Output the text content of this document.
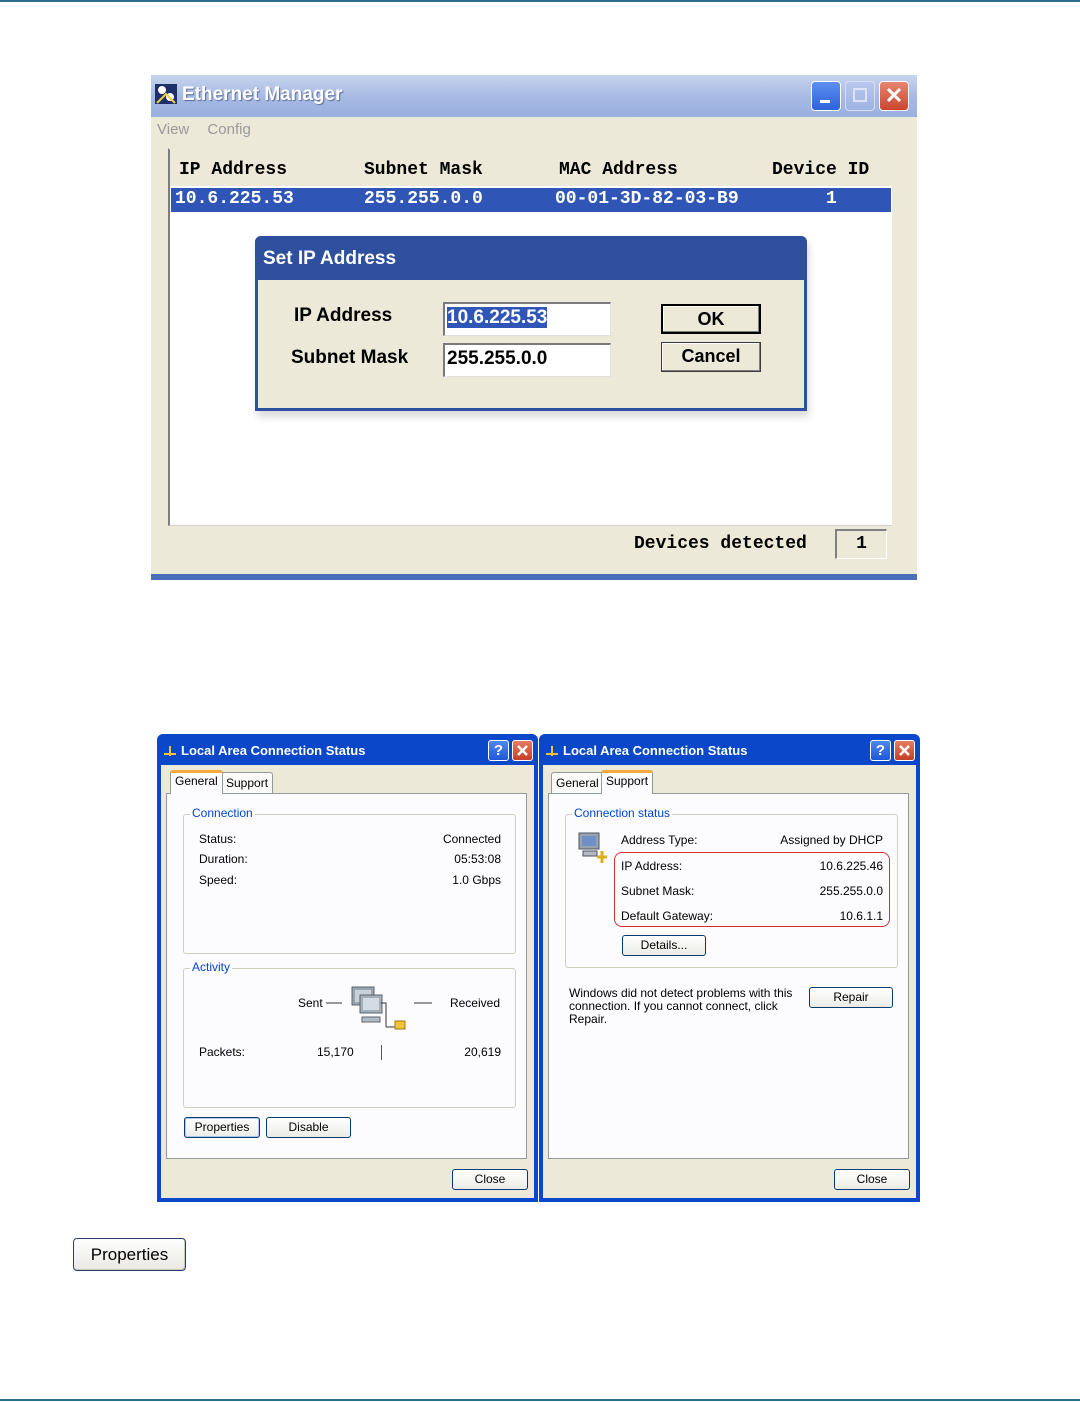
Ethernet Manager
View Config
IP Address	Subnet Mask	MAC Address	Device ID
10.6.225.53	255.255.0.0	00-01-3D-82-03-B9	1
Devices detected	1
Set IP Address
IP Address	10.6.225.53
Subnet Mask 255.255.0.0
OK
Cancel
Local Area Connection Status	?
General Support
Connection
Status:	Connected
Duration:	05:53:08
Speed:	1.0 Gbps
Activity
Sent	Received
Packets:	15,170	20,619
Properties	Disable
Close
Local Area Connection Status	?
General Support
Connection status
Address Type:	Assigned by DHCP
IP Address:	10.6.225.46
Subnet Mask:	255.255.0.0
Default Gateway:	10.6.1.1
Details...
Windows did not detect problems with this
connection. If you cannot connect, click
Repair.
Repair
Close
Properties
